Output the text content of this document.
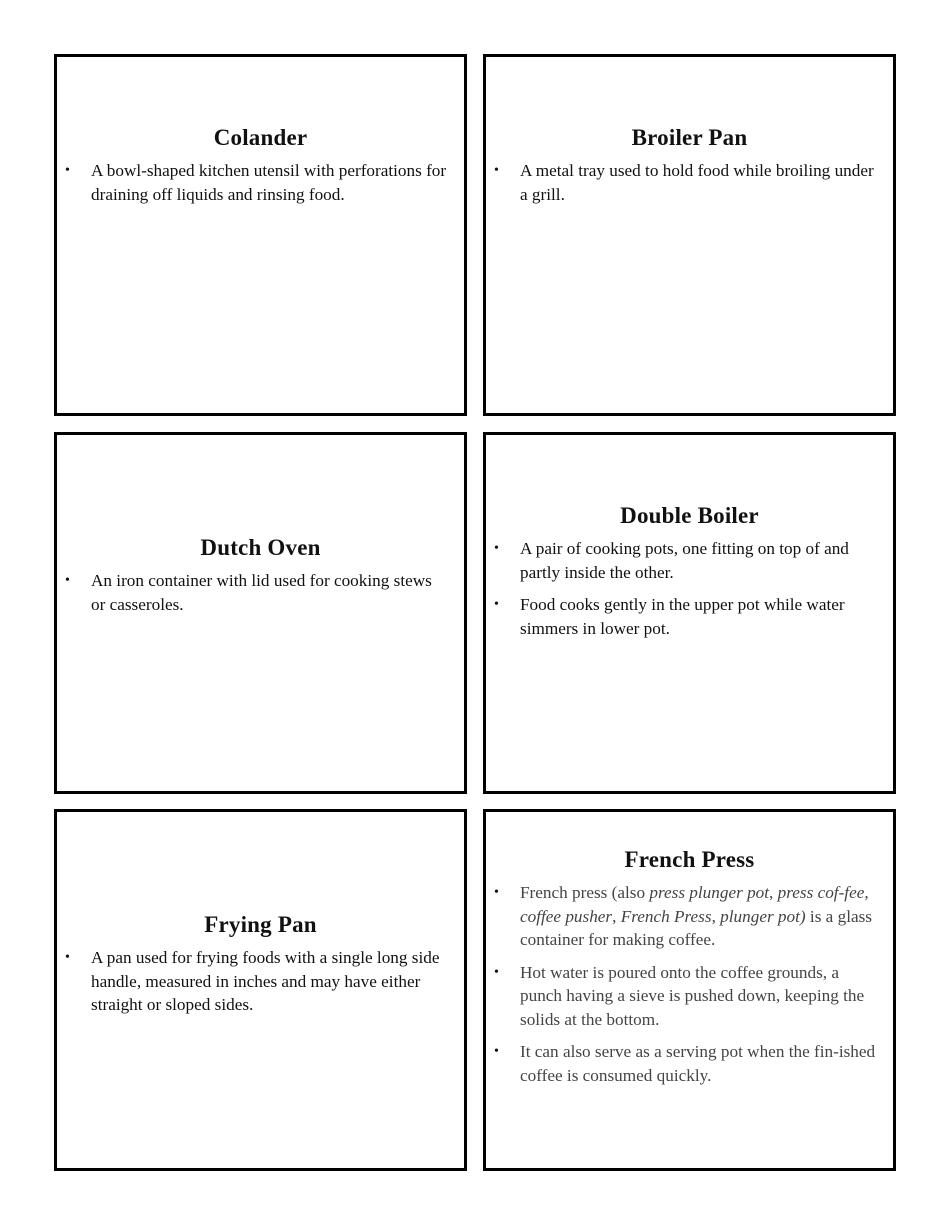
Colander
• A bowl-shaped kitchen utensil with perforations for draining off liquids and rinsing food.
Broiler Pan
• A metal tray used to hold food while broiling under a grill.
Dutch Oven
• An iron container with lid used for cooking stews or casseroles.
Double Boiler
• A pair of cooking pots, one fitting on top of and partly inside the other.
• Food cooks gently in the upper pot while water simmers in lower pot.
Frying Pan
• A pan used for frying foods with a single long side handle, measured in inches and may have either straight or sloped sides.
French Press
• French press (also press plunger pot, press cof-fee, coffee pusher, French Press, plunger pot) is a glass container for making coffee.
• Hot water is poured onto the coffee grounds, a punch having a sieve is pushed down, keeping the solids at the bottom.
• It can also serve as a serving pot when the fin-ished coffee is consumed quickly.
